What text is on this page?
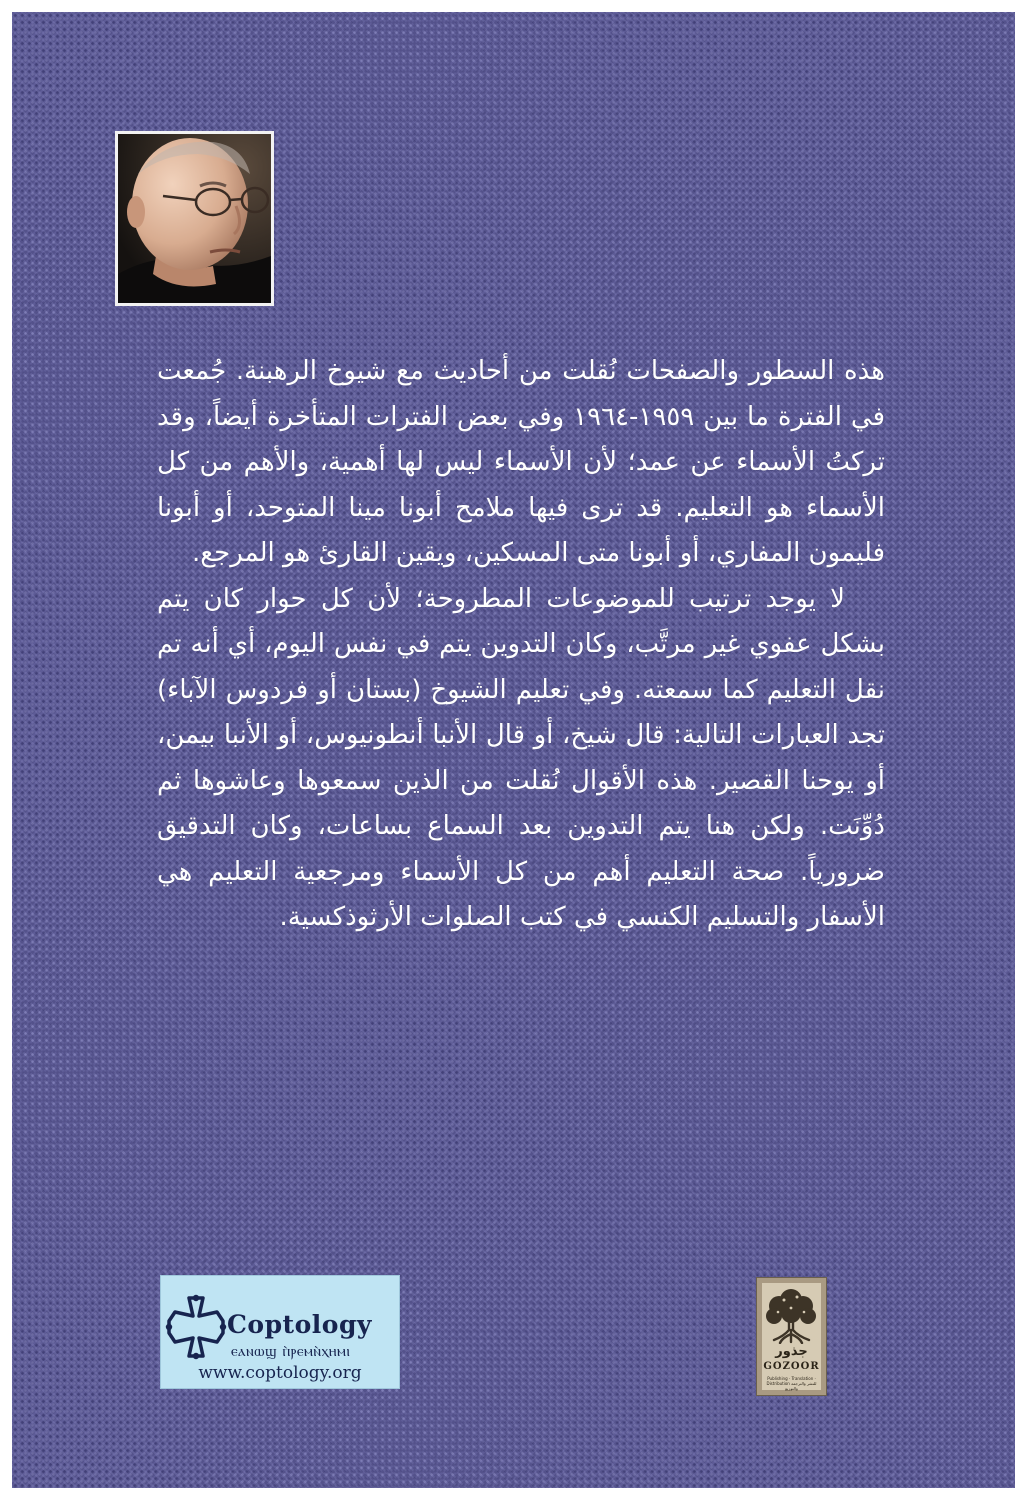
هذه السطور والصفحات نُقلت من أحاديث مع شيوخ الرهبنة. جُمعت في الفترة ما بين ١٩٥٩-١٩٦٤ وفي بعض الفترات المتأخرة أيضاً، وقد تركتُ الأسماء عن عمد؛ لأن الأسماء ليس لها أهمية، والأهم من كل الأسماء هو التعليم. قد ترى فيها ملامح أبونا مينا المتوحد، أو أبونا فليمون المفاري، أو أبونا متى المسكين، ويقين القارئ هو المرجع.

لا يوجد ترتيب للموضوعات المطروحة؛ لأن كل حوار كان يتم بشكل عفوي غير مرتَّب، وكان التدوين يتم في نفس اليوم، أي أنه تم نقل التعليم كما سمعته. وفي تعليم الشيوخ (بستان أو فردوس الآباء) تجد العبارات التالية: قال شيخ، أو قال الأنبا أنطونيوس، أو الأنبا بيمن، أو يوحنا القصير. هذه الأقوال نُقلت من الذين سمعوها وعاشوها ثم دُوِّنَت. ولكن هنا يتم التدوين بعد السماع بساعات، وكان التدقيق ضرورياً. صحة التعليم أهم من كل الأسماء ومرجعية التعليم هي الأسفار والتسليم الكنسي في كتب الصلوات الأرثوذكسية.

Coptology
ⲉⲁⲛⲱϣ ⲡ̀ⲣⲉⲙⲛ̀ⲭⲏⲙⲓ
www.coptology.org
جذور
GOZOOR
Publishing · Translation · Distribution للنشر والترجمة والتوزيع
